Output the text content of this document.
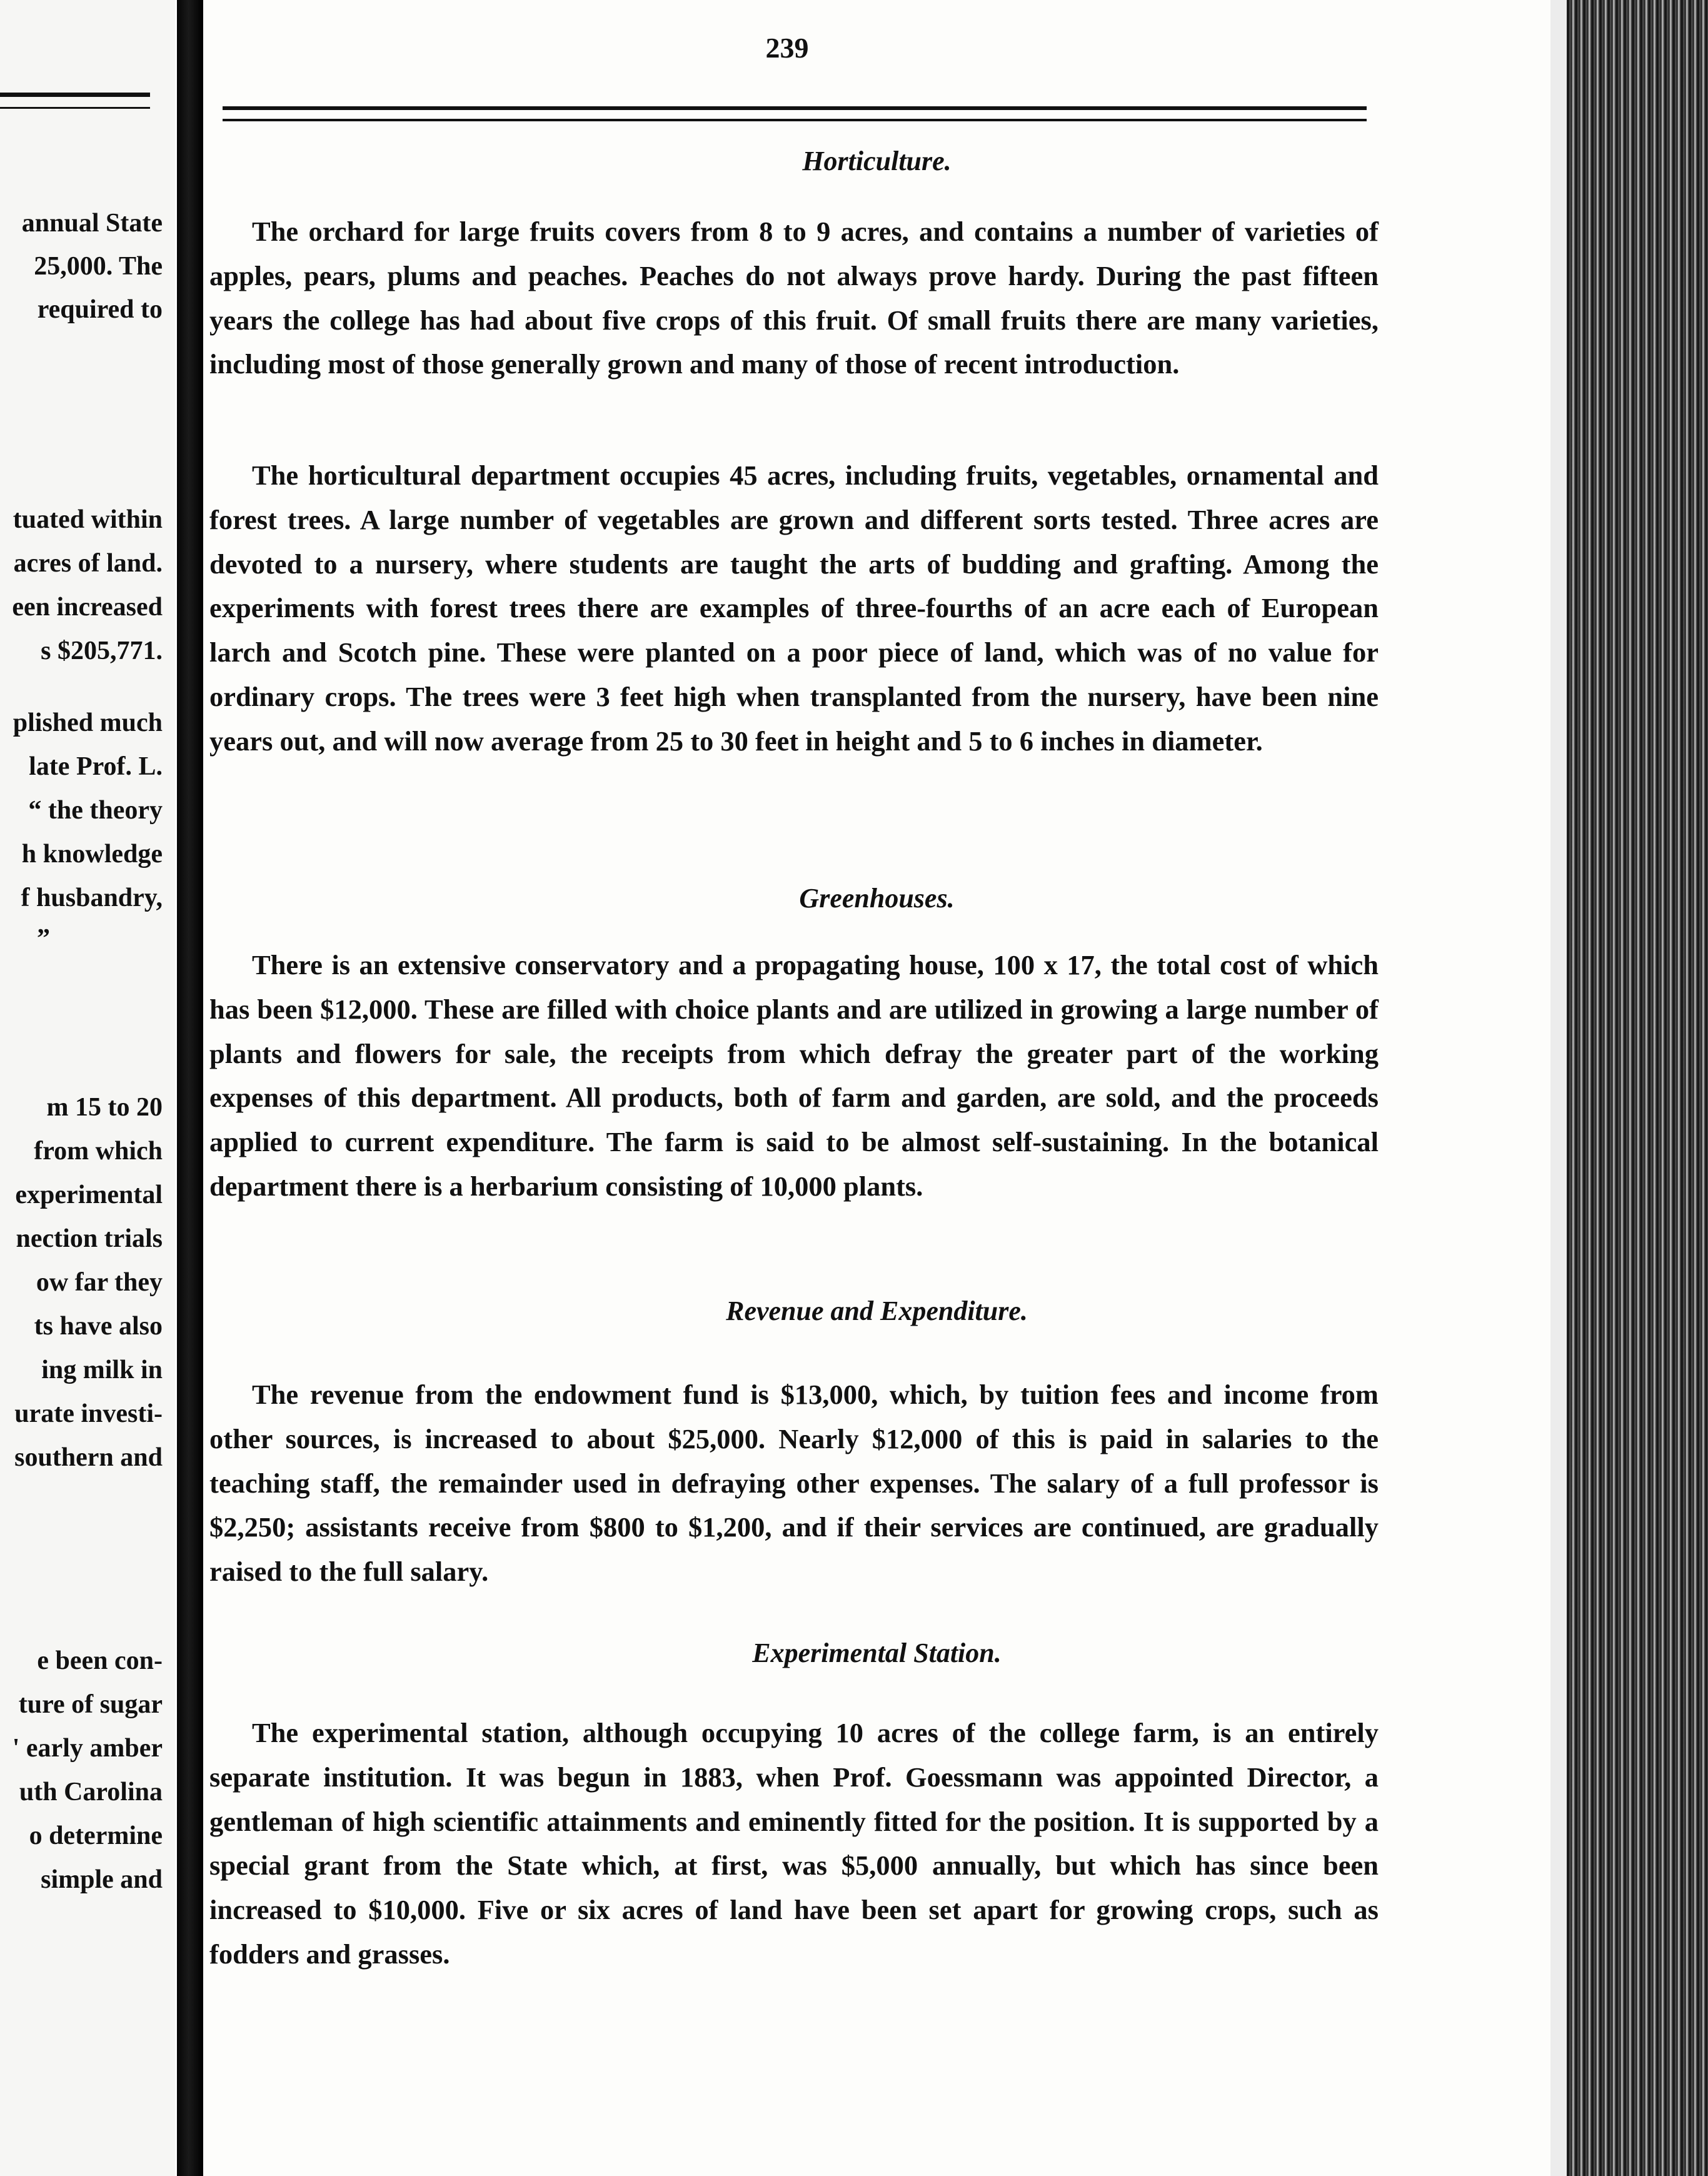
annual State
25,000. The
required to
tuated within
acres of land.
een increased
s $205,771.
plished much
late Prof. L.
“ the theory
h knowledge
f husbandry,
”
m 15 to 20
from which
experimental
nection trials
ow far they
ts have also
ing milk in
urate investi-
southern and
e been con-
ture of sugar
' early amber
uth Carolina
o determine
simple and
239
Horticulture.

The orchard for large fruits covers from 8 to 9 acres, and contains a number of varieties of apples, pears, plums and peaches. Peaches do not always prove hardy. During the past fifteen years the college has had about five crops of this fruit. Of small fruits there are many varieties, including most of those generally grown and many of those of recent introduction.

The horticultural department occupies 45 acres, including fruits, vegetables, ornamental and forest trees. A large number of vegetables are grown and different sorts tested. Three acres are devoted to a nursery, where students are taught the arts of budding and grafting. Among the experiments with forest trees there are examples of three-fourths of an acre each of European larch and Scotch pine. These were planted on a poor piece of land, which was of no value for ordinary crops. The trees were 3 feet high when transplanted from the nursery, have been nine years out, and will now average from 25 to 30 feet in height and 5 to 6 inches in diameter.

Greenhouses.

There is an extensive conservatory and a propagating house, 100 x 17, the total cost of which has been $12,000. These are filled with choice plants and are utilized in growing a large number of plants and flowers for sale, the receipts from which defray the greater part of the working expenses of this department. All products, both of farm and garden, are sold, and the proceeds applied to current expenditure. The farm is said to be almost self-sustaining. In the botanical department there is a herbarium consisting of 10,000 plants.

Revenue and Expenditure.

The revenue from the endowment fund is $13,000, which, by tuition fees and income from other sources, is increased to about $25,000. Nearly $12,000 of this is paid in salaries to the teaching staff, the remainder used in defraying other expenses. The salary of a full professor is $2,250; assistants receive from $800 to $1,200, and if their services are continued, are gradually raised to the full salary.

Experimental Station.

The experimental station, although occupying 10 acres of the college farm, is an entirely separate institution. It was begun in 1883, when Prof. Goessmann was appointed Director, a gentleman of high scientific attainments and eminently fitted for the position. It is supported by a special grant from the State which, at first, was $5,000 annually, but which has since been increased to $10,000. Five or six acres of land have been set apart for growing crops, such as fodders and grasses.
